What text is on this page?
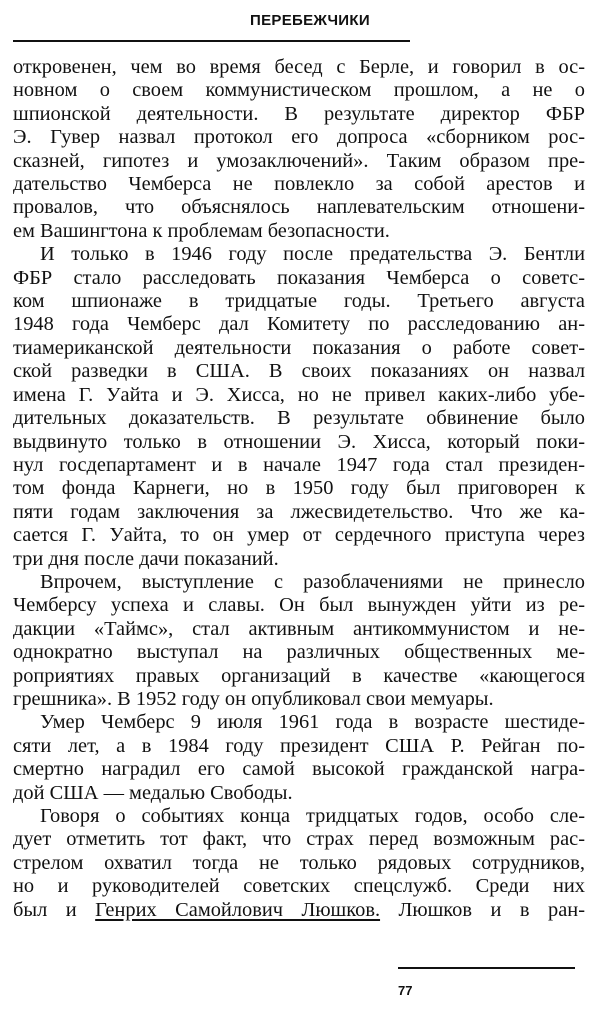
ПЕРЕБЕЖЧИКИ
откровенен, чем во время бесед с Берле, и говорил в ос-
новном о своем коммунистическом прошлом, а не о
шпионской деятельности. В результате директор ФБР
Э. Гувер назвал протокол его допроса «сборником рос-
сказней, гипотез и умозаключений». Таким образом пре-
дательство Чемберса не повлекло за собой арестов и
провалов, что объяснялось наплевательским отношени-
ем Вашингтона к проблемам безопасности.
И только в 1946 году после предательства Э. Бентли
ФБР стало расследовать показания Чемберса о советс-
ком шпионаже в тридцатые годы. Третьего августа
1948 года Чемберс дал Комитету по расследованию ан-
тиамериканской деятельности показания о работе совет-
ской разведки в США. В своих показаниях он назвал
имена Г. Уайта и Э. Хисса, но не привел каких-либо убе-
дительных доказательств. В результате обвинение было
выдвинуто только в отношении Э. Хисса, который поки-
нул госдепартамент и в начале 1947 года стал президен-
том фонда Карнеги, но в 1950 году был приговорен к
пяти годам заключения за лжесвидетельство. Что же ка-
сается Г. Уайта, то он умер от сердечного приступа через
три дня после дачи показаний.
Впрочем, выступление с разоблачениями не принесло
Чемберсу успеха и славы. Он был вынужден уйти из ре-
дакции «Таймс», стал активным антикоммунистом и не-
однократно выступал на различных общественных ме-
роприятиях правых организаций в качестве «кающегося
грешника». В 1952 году он опубликовал свои мемуары.
Умер Чемберс 9 июля 1961 года в возрасте шестиде-
сяти лет, а в 1984 году президент США Р. Рейган по-
смертно наградил его самой высокой гражданской награ-
дой США — медалью Свободы.
Говоря о событиях конца тридцатых годов, особо сле-
дует отметить тот факт, что страх перед возможным рас-
стрелом охватил тогда не только рядовых сотрудников,
но и руководителей советских спецслужб. Среди них
был и Генрих Самойлович Люшков. Люшков и в ран-
77
